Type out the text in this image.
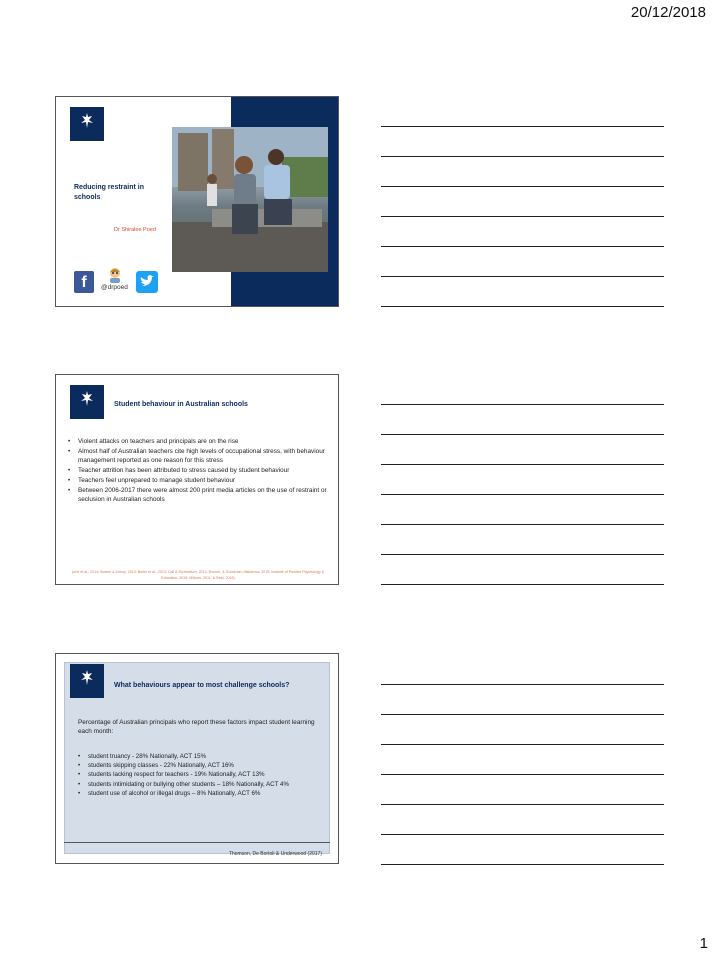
20/12/2018

Reducing restraint in schools
Dr Shiralee Poed
f	@drpoed

Student behaviour in Australian schools
• Violent attacks on teachers and principals are on the rise
• Almost half of Australian teachers cite high levels of occupational stress, with behaviour management reported as one reason for this stress
• Teacher attrition has been attributed to stress caused by student behaviour
• Teachers feel unprepared to manage student behaviour
• Between 2006-2017 there were almost 200 print media articles on the use of restraint or seclusion in Australian schools
(Arie et al., 2014; Bowler & Kirsop, 2013; Butler et al., 2013; Call & Richardson, 2014; Bourne, & Goodman; Makarova, 2015; Institute of Positive Psychology & Education, 2015; Milburn, 2011, & Reid, 2016)

What behaviours appear to most challenge schools?
Percentage of Australian principals who report these factors impact student learning each month:
• student truancy - 28% Nationally, ACT 15%
• students skipping classes - 22% Nationally, ACT 16%
• students lacking respect for teachers - 19% Nationally, ACT 13%
• students intimidating or bullying other students – 18% Nationally, ACT 4%
• student use of alcohol or illegal drugs – 8% Nationally, ACT 6%
Thomson, De Bortoli & Underwood (2017)
1
